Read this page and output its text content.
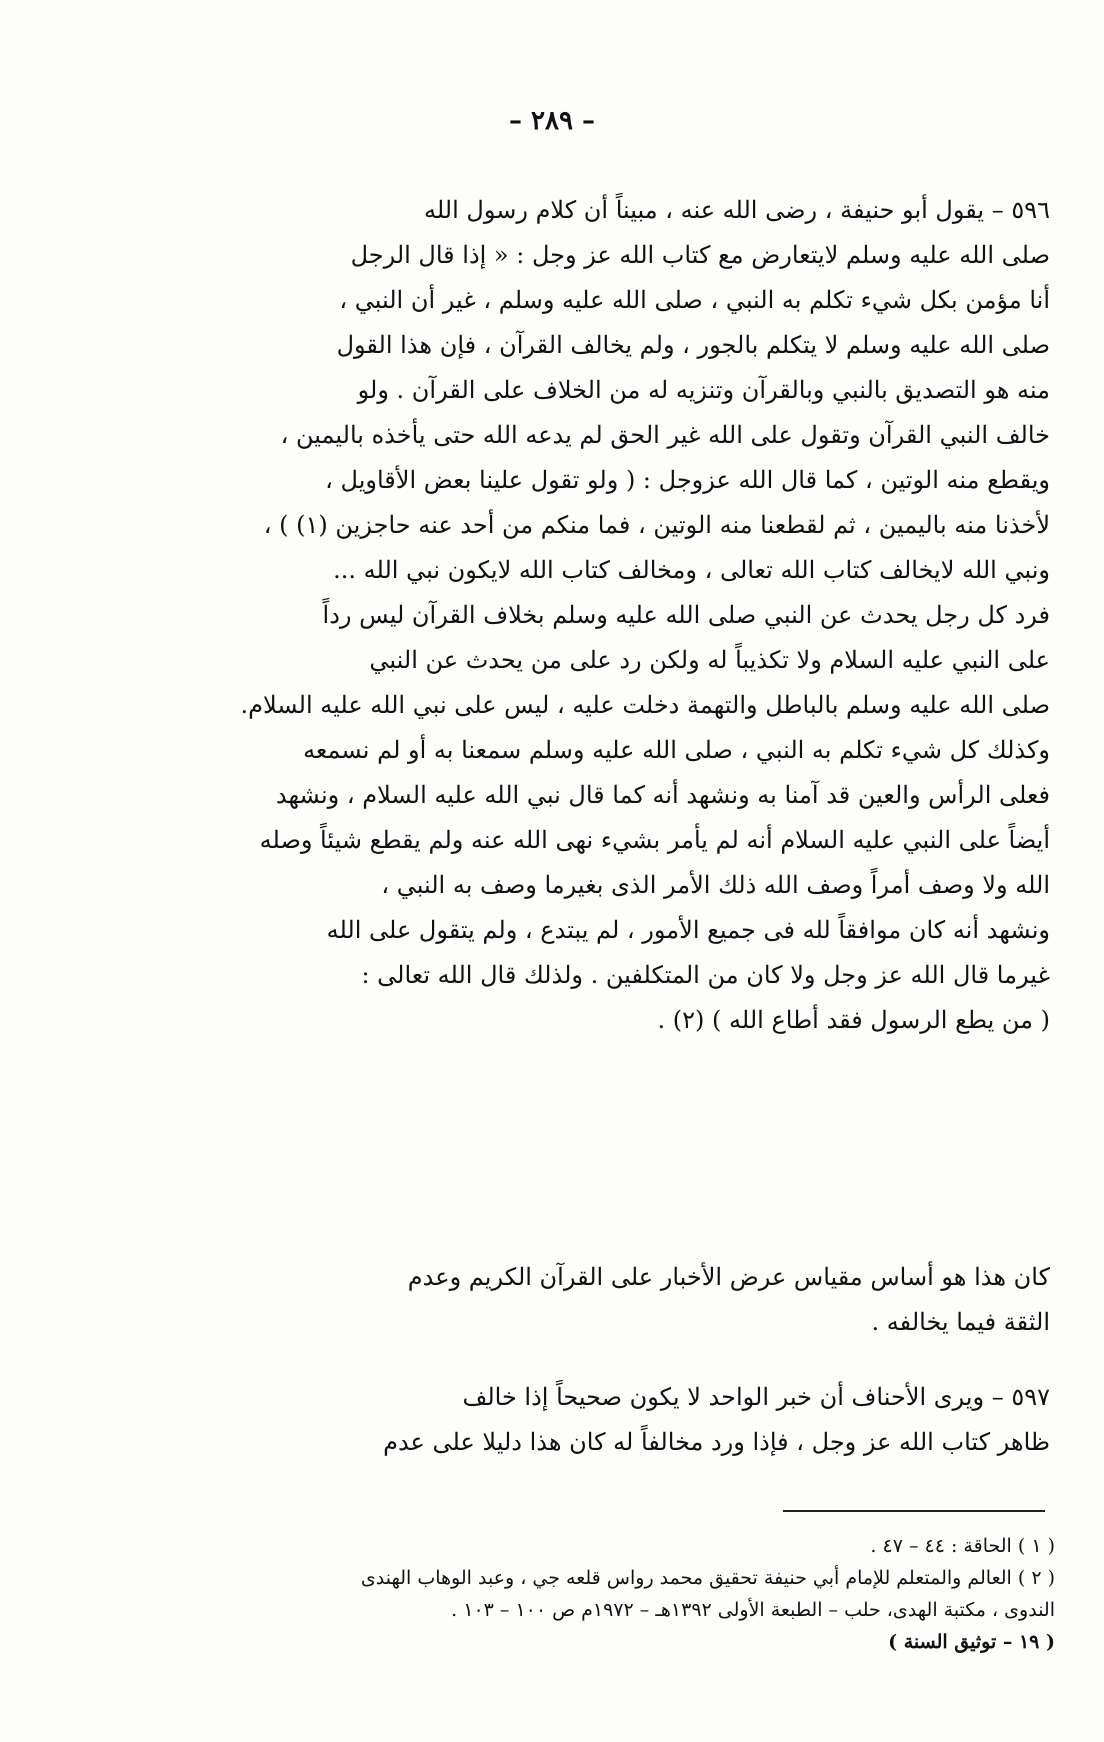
– ٢٨٩ –

٥٩٦ – يقول أبو حنيفة ، رضى الله عنه ، مبيناً أن كلام رسول الله

صلى الله عليه وسلم لايتعارض مع كتاب الله عز وجل : « إذا قال الرجل

أنا مؤمن بكل شيء تكلم به النبي ، صلى الله عليه وسلم ، غير أن النبي ،

صلى الله عليه وسلم لا يتكلم بالجور ، ولم يخالف القرآن ، فإن هذا القول

منه هو التصديق بالنبي وبالقرآن وتنزيه له من الخلاف على القرآن . ولو

خالف النبي القرآن وتقول على الله غير الحق لم يدعه الله حتى يأخذه باليمين ،

ويقطع منه الوتين ، كما قال الله عزوجل : ( ولو تقول علينا بعض الأقاويل ،

لأخذنا منه باليمين ، ثم لقطعنا منه الوتين ، فما منكم من أحد عنه حاجزين (١) ) ،

ونبي الله لايخالف كتاب الله تعالى ، ومخالف كتاب الله لايكون نبي الله ...

فرد كل رجل يحدث عن النبي صلى الله عليه وسلم بخلاف القرآن ليس رداً

على النبي عليه السلام ولا تكذيباً له ولكن رد على من يحدث عن النبي

صلى الله عليه وسلم بالباطل والتهمة دخلت عليه ، ليس على نبي الله عليه السلام.

وكذلك كل شيء تكلم به النبي ، صلى الله عليه وسلم سمعنا به أو لم نسمعه

فعلى الرأس والعين قد آمنا به ونشهد أنه كما قال نبي الله عليه السلام ، ونشهد

أيضاً على النبي عليه السلام أنه لم يأمر بشيء نهى الله عنه ولم يقطع شيئاً وصله

الله ولا وصف أمراً وصف الله ذلك الأمر الذى بغيرما وصف به النبي ،

ونشهد أنه كان موافقاً لله فى جميع الأمور ، لم يبتدع ، ولم يتقول على الله

غيرما قال الله عز وجل ولا كان من المتكلفين . ولذلك قال الله تعالى :

( من يطع الرسول فقد أطاع الله ) (٢) .

كان هذا هو أساس مقياس عرض الأخبار على القرآن الكريم وعدم

الثقة فيما يخالفه .

٥٩٧ – ويرى الأحناف أن خبر الواحد لا يكون صحيحاً إذا خالف

ظاهر كتاب الله عز وجل ، فإذا ورد مخالفاً له كان هذا دليلا على عدم

( ١ ) الحاقة : ٤٤ – ٤٧ .

( ٢ ) العالم والمتعلم للإمام أبي حنيفة تحقيق محمد رواس قلعه جي ، وعبد الوهاب الهندى

الندوى ، مكتبة الهدى، حلب – الطبعة الأولى ١٣٩٢هـ – ١٩٧٢م ص ١٠٠ – ١٠٣ .

( ١٩ – توثيق السنة )
